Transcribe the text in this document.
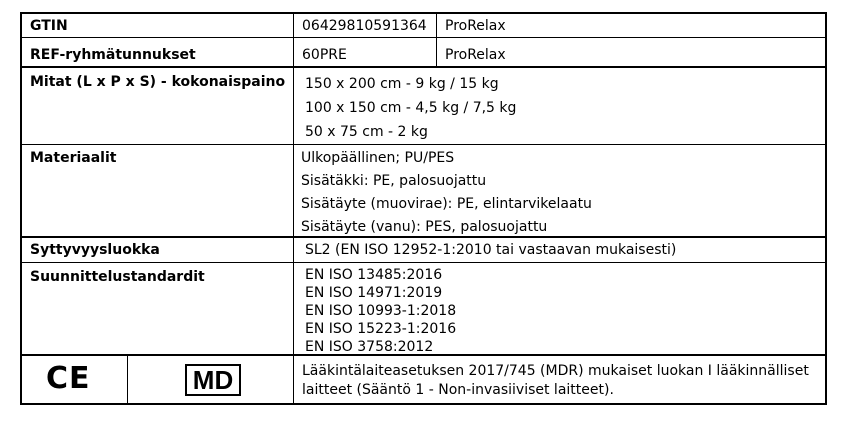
GTIN	06429810591364 ProRelax
REF-ryhmätunnukset	60PRE	ProRelax
Mitat (L x P x S) - kokonaispaino 150 x 200 cm - 9 kg / 15 kg
100 x 150 cm - 4,5 kg / 7,5 kg
50 x 75 cm - 2 kg
Materiaalit	Ulkopäällinen; PU/PES
Sisätäkki: PE, palosuojattu
Sisätäyte (muovirae): PE, elintarvikelaatu
Sisätäyte (vanu): PES, palosuojattu
Syttyvyysluokka	SL2 (EN ISO 12952-1:2010 tai vastaavan mukaisesti)
Suunnittelustandardit	EN ISO 13485:2016
EN ISO 14971:2019
EN ISO 10993-1:2018
EN ISO 15223-1:2016
EN ISO 3758:2012
CE	MD	Lääkintälaiteasetuksen 2017/745 (MDR) mukaiset luokan I lääkinnälliset laitteet (Sääntö 1 - Non-invasiiviset laitteet).
